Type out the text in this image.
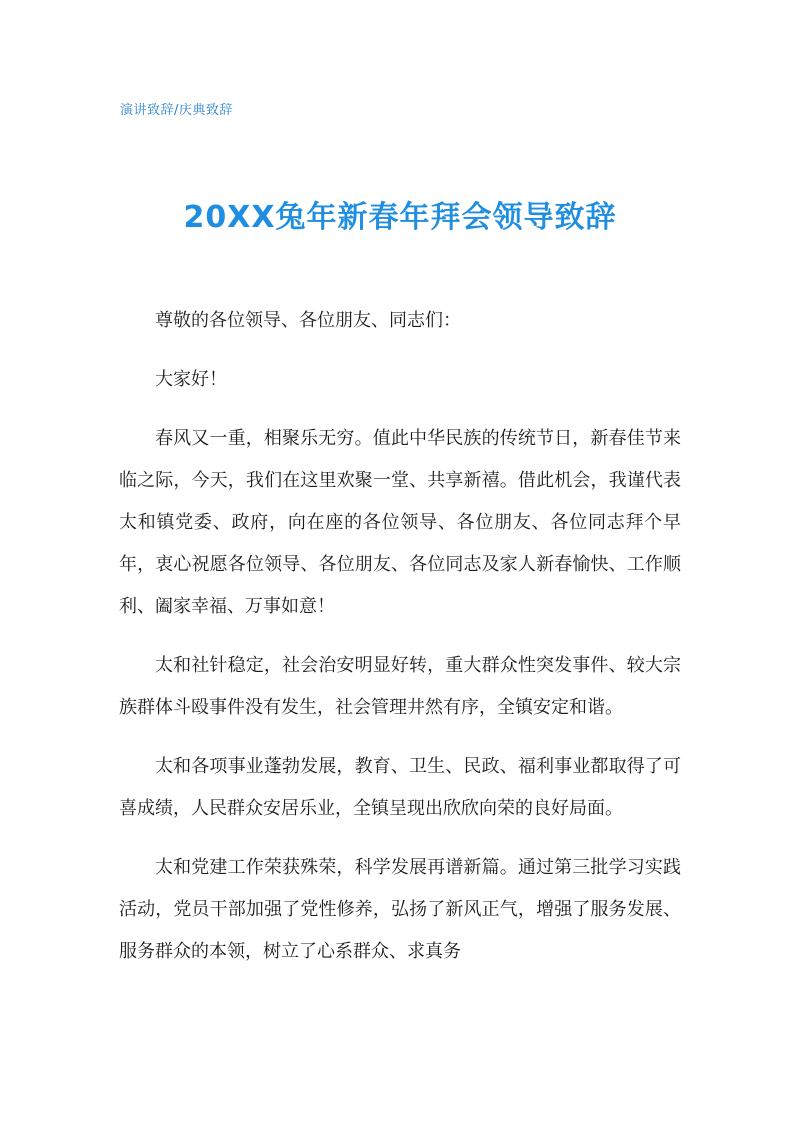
演讲致辞/庆典致辞
20XX兔年新春年拜会领导致辞

尊敬的各位领导、各位朋友、同志们：

大家好！

春风又一重，相聚乐无穷。值此中华民族的传统节日，新春佳节来临之际，今天，我们在这里欢聚一堂、共享新禧。借此机会，我谨代表太和镇党委、政府，向在座的各位领导、各位朋友、各位同志拜个早年，衷心祝愿各位领导、各位朋友、各位同志及家人新春愉快、工作顺利、阖家幸福、万事如意！

太和社针稳定，社会治安明显好转，重大群众性突发事件、较大宗族群体斗殴事件没有发生，社会管理井然有序，全镇安定和谐。

太和各项事业蓬勃发展，教育、卫生、民政、福利事业都取得了可喜成绩，人民群众安居乐业，全镇呈现出欣欣向荣的良好局面。

太和党建工作荣获殊荣，科学发展再谱新篇。通过第三批学习实践活动，党员干部加强了党性修养，弘扬了新风正气，增强了服务发展、服务群众的本领，树立了心系群众、求真务
